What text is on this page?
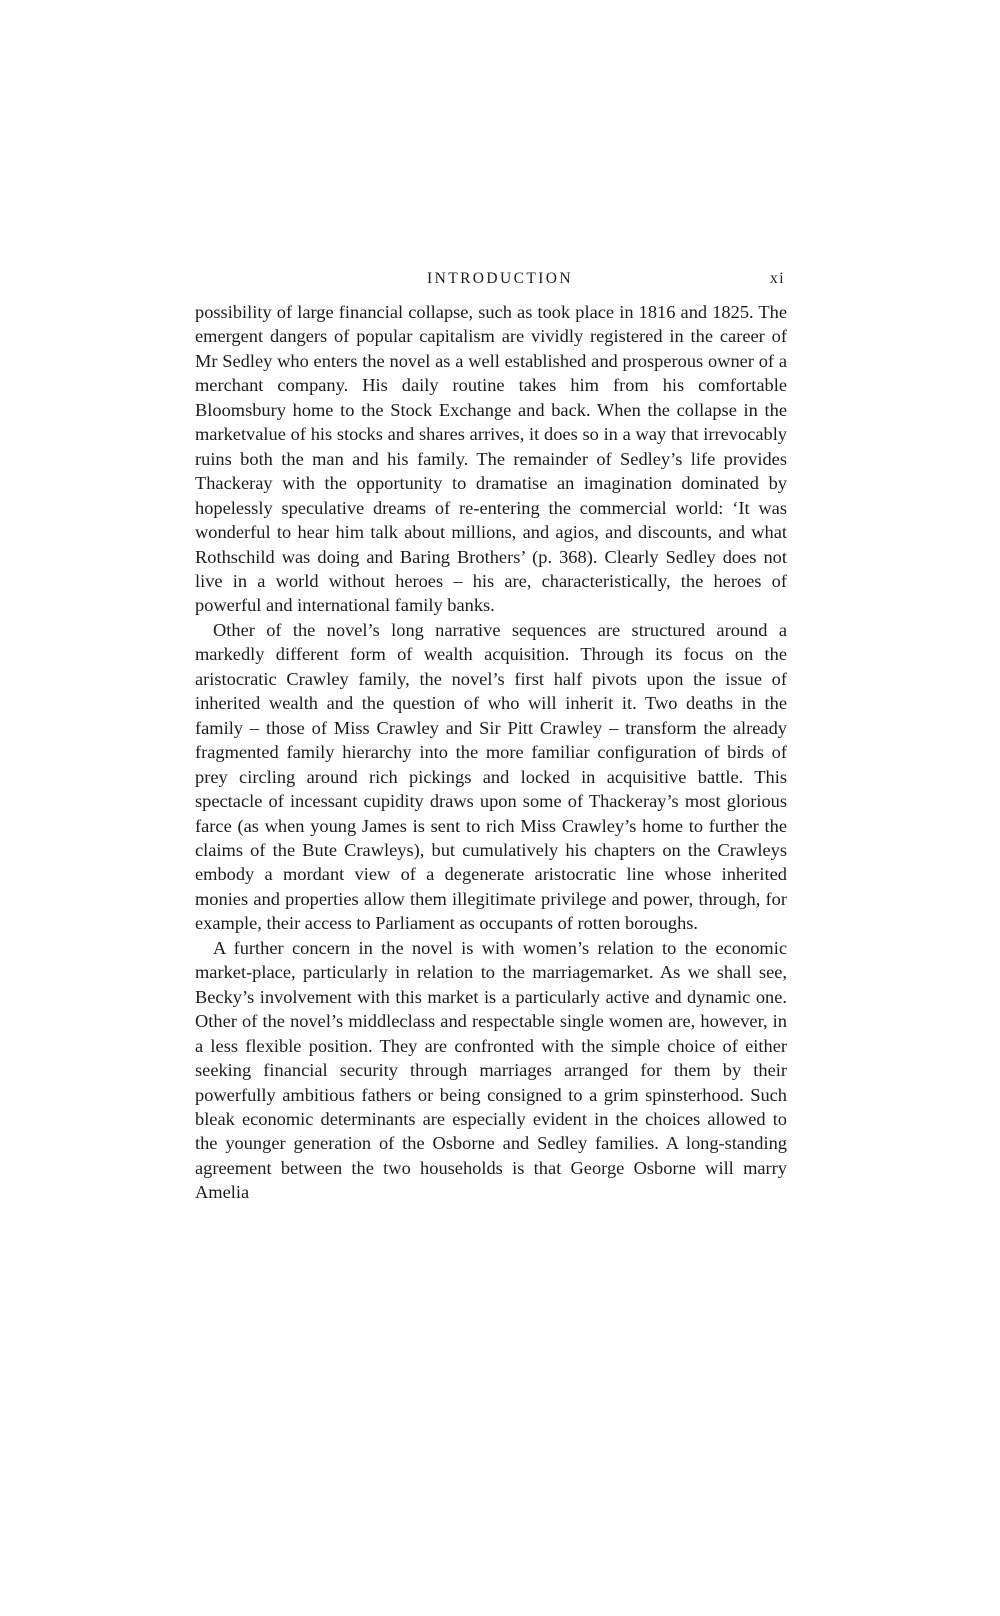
INTRODUCTION	xi

possibility of large financial collapse, such as took place in 1816 and 1825. The emergent dangers of popular capitalism are vividly registered in the career of Mr Sedley who enters the novel as a well established and prosperous owner of a merchant company. His daily routine takes him from his comfortable Bloomsbury home to the Stock Exchange and back. When the collapse in the marketvalue of his stocks and shares arrives, it does so in a way that irrevocably ruins both the man and his family. The remainder of Sedley’s life provides Thackeray with the opportunity to dramatise an imagination dominated by hopelessly speculative dreams of re-entering the commercial world: ‘It was wonderful to hear him talk about millions, and agios, and discounts, and what Rothschild was doing and Baring Brothers’ (p. 368). Clearly Sedley does not live in a world without heroes – his are, characteristically, the heroes of powerful and international family banks.

Other of the novel’s long narrative sequences are structured around a markedly different form of wealth acquisition. Through its focus on the aristocratic Crawley family, the novel’s first half pivots upon the issue of inherited wealth and the question of who will inherit it. Two deaths in the family – those of Miss Crawley and Sir Pitt Crawley – transform the already fragmented family hierarchy into the more familiar configuration of birds of prey circling around rich pickings and locked in acquisitive battle. This spectacle of incessant cupidity draws upon some of Thackeray’s most glorious farce (as when young James is sent to rich Miss Crawley’s home to further the claims of the Bute Crawleys), but cumulatively his chapters on the Crawleys embody a mordant view of a degenerate aristocratic line whose inherited monies and properties allow them illegitimate privilege and power, through, for example, their access to Parliament as occupants of rotten boroughs.

A further concern in the novel is with women’s relation to the economic market-place, particularly in relation to the marriagemarket. As we shall see, Becky’s involvement with this market is a particularly active and dynamic one. Other of the novel’s middleclass and respectable single women are, however, in a less flexible position. They are confronted with the simple choice of either seeking financial security through marriages arranged for them by their powerfully ambitious fathers or being consigned to a grim spinsterhood. Such bleak economic determinants are especially evident in the choices allowed to the younger generation of the Osborne and Sedley families. A long-standing agreement between the two households is that George Osborne will marry Amelia
